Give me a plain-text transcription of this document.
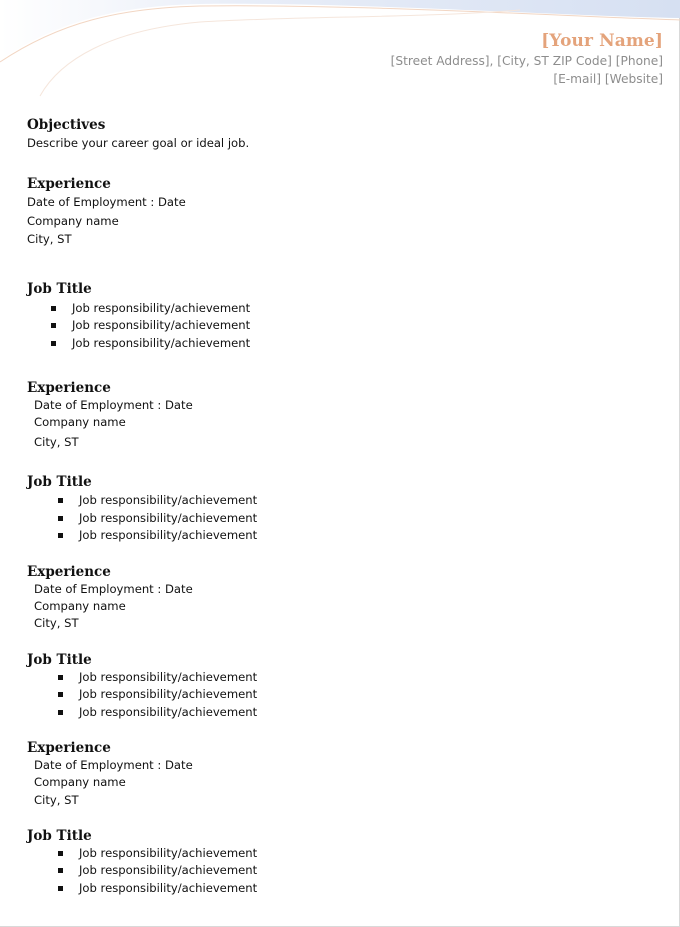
[Your Name]
[Street Address], [City, ST ZIP Code] [Phone]
[E-mail] [Website]
Objectives
Describe your career goal or ideal job.
Experience
Date of Employment : Date
Company name
City, ST
Job Title
Job responsibility/achievement
Job responsibility/achievement
Job responsibility/achievement
Experience
Date of Employment : Date
Company name
City, ST
Job Title
Job responsibility/achievement
Job responsibility/achievement
Job responsibility/achievement
Experience
Date of Employment : Date
Company name
City, ST
Job Title
Job responsibility/achievement
Job responsibility/achievement
Job responsibility/achievement
Experience
Date of Employment : Date
Company name
City, ST
Job Title
Job responsibility/achievement
Job responsibility/achievement
Job responsibility/achievement
